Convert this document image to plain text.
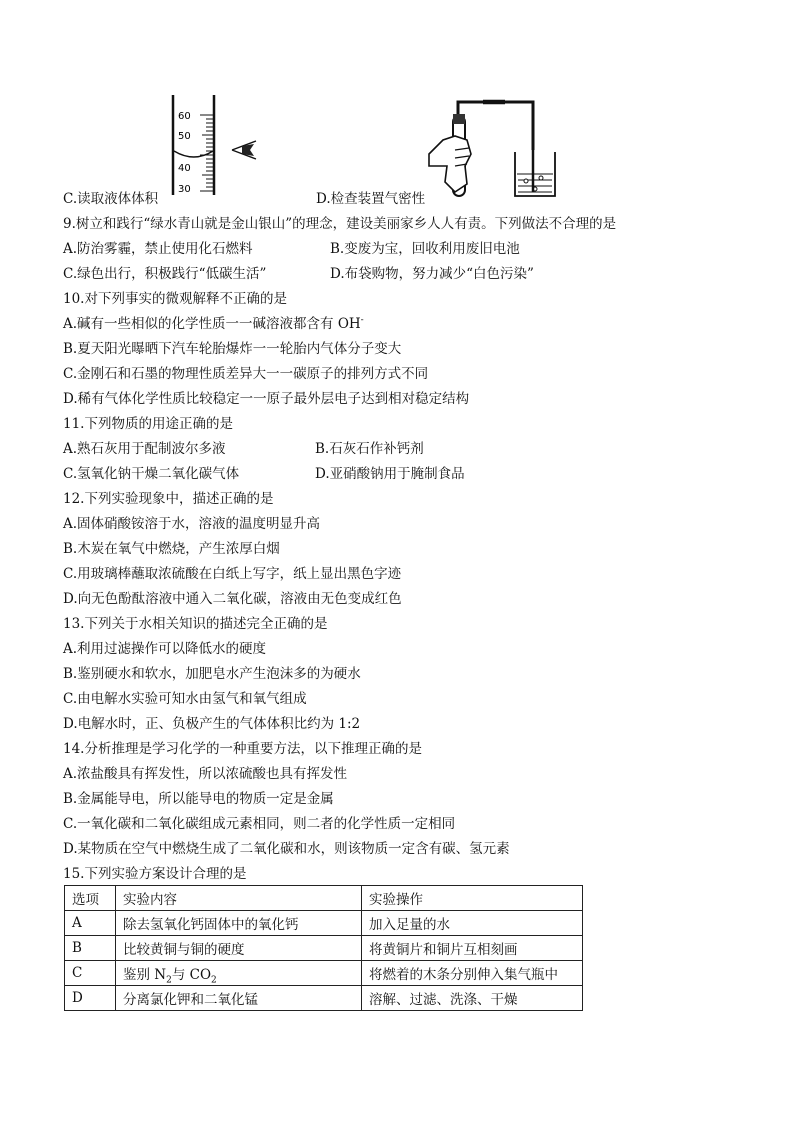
60
50
40
30
C.读取液体体积	D.检查装置气密性
9.树立和践行“绿水青山就是金山银山”的理念，建设美丽家乡人人有责。下列做法不合理的是
A.防治雾霾，禁止使用化石燃料	B.变废为宝，回收利用废旧电池
C.绿色出行，积极践行“低碳生活”	D.布袋购物，努力减少“白色污染”
10.对下列事实的微观解释不正确的是
A.碱有一些相似的化学性质一一碱溶液都含有 OH-
B.夏天阳光曝晒下汽车轮胎爆炸一一轮胎内气体分子变大
C.金刚石和石墨的物理性质差异大一一碳原子的排列方式不同
D.稀有气体化学性质比较稳定一一原子最外层电子达到相对稳定结构
11.下列物质的用途正确的是
A.熟石灰用于配制波尔多液	B.石灰石作补钙剂
C.氢氧化钠干燥二氧化碳气体	D.亚硝酸钠用于腌制食品
12.下列实验现象中，描述正确的是
A.固体硝酸铵溶于水，溶液的温度明显升高
B.木炭在氧气中燃烧，产生浓厚白烟
C.用玻璃棒蘸取浓硫酸在白纸上写字，纸上显出黑色字迹
D.向无色酚酞溶液中通入二氧化碳，溶液由无色变成红色
13.下列关于水相关知识的描述完全正确的是
A.利用过滤操作可以降低水的硬度
B.鉴别硬水和软水，加肥皂水产生泡沫多的为硬水
C.由电解水实验可知水由氢气和氧气组成
D.电解水时，正、负极产生的气体体积比约为 1:2
14.分析推理是学习化学的一种重要方法，以下推理正确的是
A.浓盐酸具有挥发性，所以浓硫酸也具有挥发性
B.金属能导电，所以能导电的物质一定是金属
C.一氧化碳和二氧化碳组成元素相同，则二者的化学性质一定相同
D.某物质在空气中燃烧生成了二氧化碳和水，则该物质一定含有碳、氢元素
15.下列实验方案设计合理的是
选项	实验内容	实验操作
A	除去氢氧化钙固体中的氧化钙	加入足量的水
B	比较黄铜与铜的硬度	将黄铜片和铜片互相刻画
C	鉴别 $N_2$与 $CO_2$	将燃着的木条分别伸入集气瓶中
D	分离氯化钾和二氧化锰	溶解、过滤、洗涤、干燥
